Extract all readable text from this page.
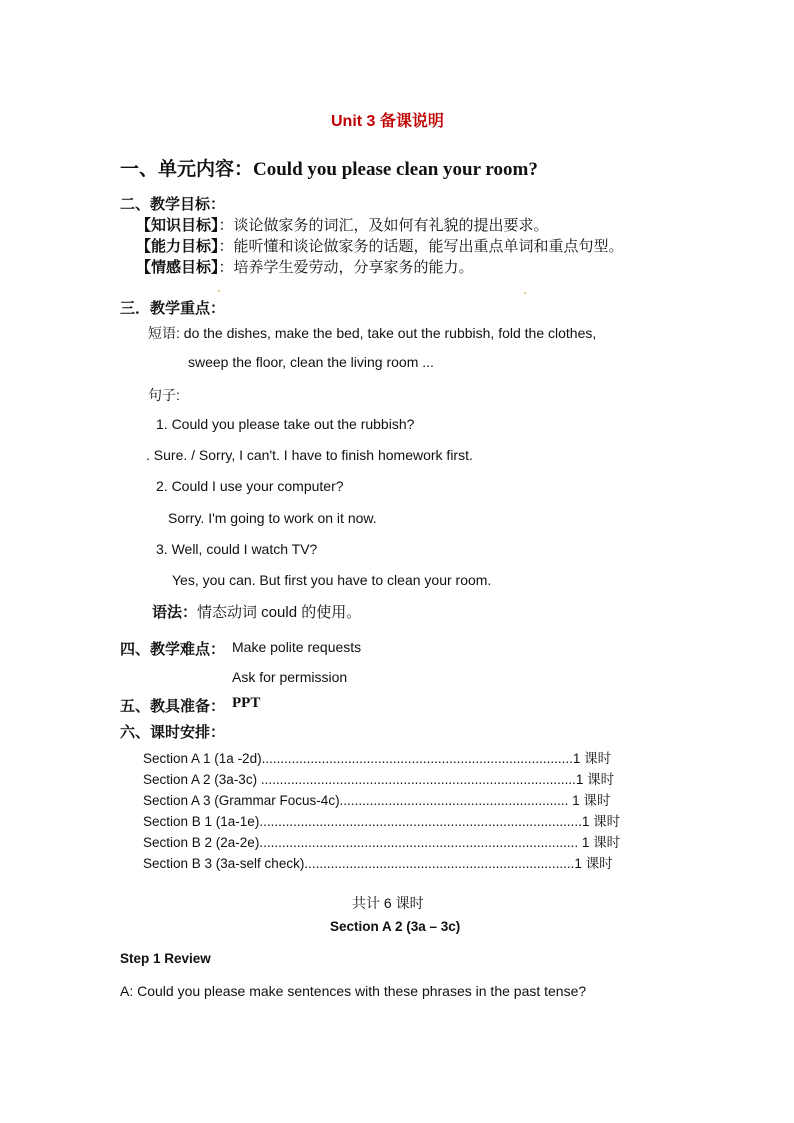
Unit 3 备课说明
一、单元内容：Could you please clean your room?
二、教学目标：
【知识目标】：谈论做家务的词汇，及如何有礼貌的提出要求。
【能力目标】：能听懂和谈论做家务的话题，能写出重点单词和重点句型。
【情感目标】：培养学生爱劳动，分享家务的能力。
三．教学重点：
短语: do the dishes, make the bed, take out the rubbish, fold the clothes,
sweep the floor, clean the living room ...
句子:
1. Could you please take out the rubbish?
. Sure. / Sorry, I can't. I have to finish homework first.
2. Could I use your computer?
Sorry. I'm going to work on it now.
3. Well, could I watch TV?
Yes, you can. But first you have to clean your room.
语法：情态动词 could 的使用。
四、教学难点： Make polite requests
Ask for permission
五、教具准备： PPT
六、课时安排：
Section A 1 (1a -2d)...................................................................................1 课时
Section A 2 (3a-3c) ....................................................................................1 课时
Section A 3 (Grammar Focus-4c)............................................................. 1 课时
Section B 1 (1a-1e)......................................................................................1 课时
Section B 2 (2a-2e)..................................................................................... 1 课时
Section B 3 (3a-self check)........................................................................1 课时
共计 6 课时
Section A 2 (3a – 3c)
Step 1 Review
A: Could you please make sentences with these phrases in the past tense?
